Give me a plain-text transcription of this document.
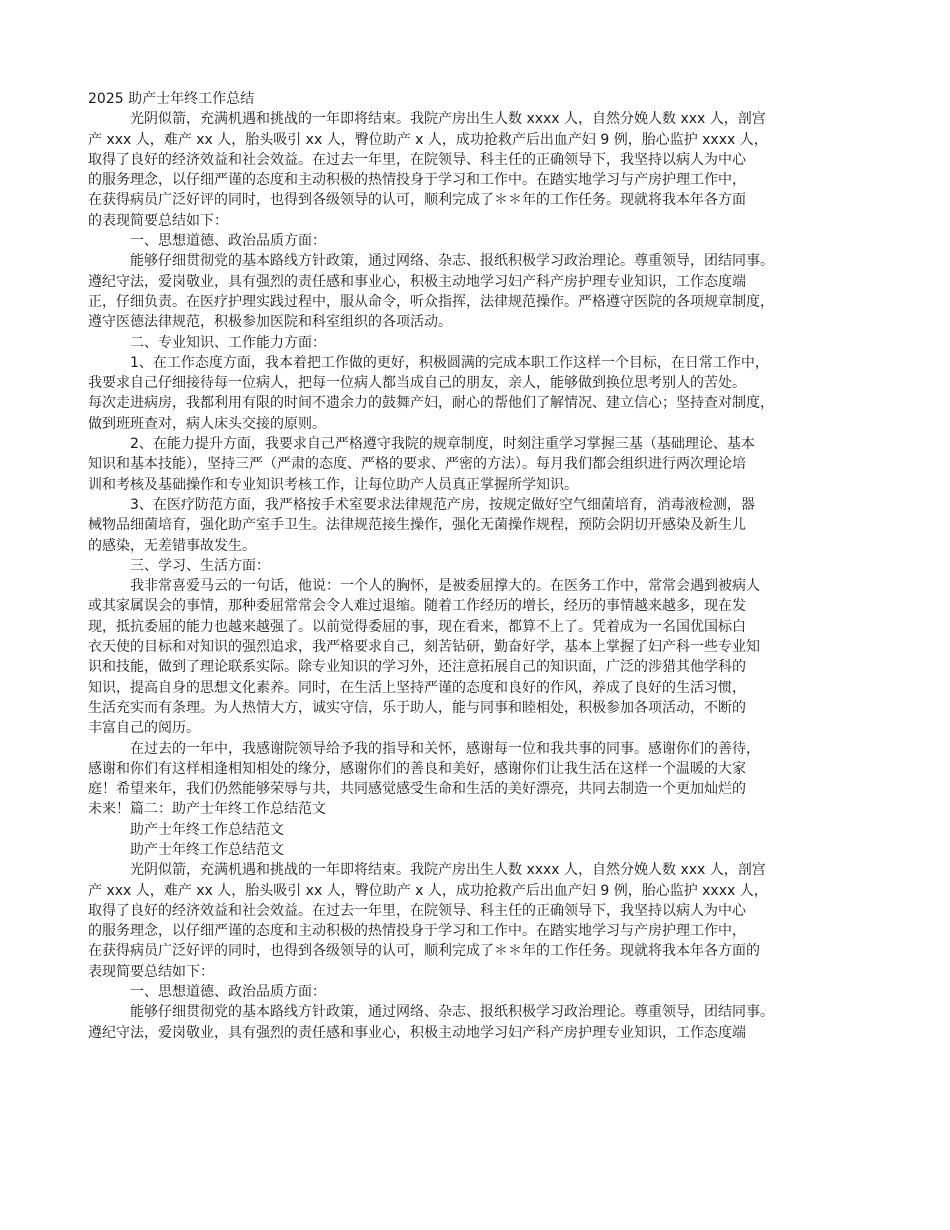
2025 助产士年终工作总结
光阴似箭，充满机遇和挑战的一年即将结束。我院产房出生人数 xxxx 人，自然分娩人数 xxx 人，剖宫
产 xxx 人，难产 xx 人，胎头吸引 xx 人，臀位助产 x 人，成功抢救产后出血产妇 9 例，胎心监护 xxxx 人，
取得了良好的经济效益和社会效益。在过去一年里，在院领导、科主任的正确领导下，我坚持以病人为中心
的服务理念，以仔细严谨的态度和主动积极的热情投身于学习和工作中。在踏实地学习与产房护理工作中，
在获得病员广泛好评的同时，也得到各级领导的认可，顺利完成了＊＊年的工作任务。现就将我本年各方面
的表现简要总结如下：
一、思想道德、政治品质方面：
能够仔细贯彻党的基本路线方针政策，通过网络、杂志、报纸积极学习政治理论。尊重领导，团结同事。
遵纪守法，爱岗敬业，具有强烈的责任感和事业心，积极主动地学习妇产科产房护理专业知识，工作态度端
正，仔细负责。在医疗护理实践过程中，服从命令，听众指挥，法律规范操作。严格遵守医院的各项规章制度，
遵守医德法律规范，积极参加医院和科室组织的各项活动。
二、专业知识、工作能力方面：
1、在工作态度方面，我本着把工作做的更好，积极圆满的完成本职工作这样一个目标，在日常工作中，
我要求自己仔细接待每一位病人，把每一位病人都当成自己的朋友，亲人，能够做到换位思考别人的苦处。
每次走进病房，我都利用有限的时间不遗余力的鼓舞产妇，耐心的帮他们了解情况、建立信心；坚持查对制度，
做到班班查对，病人床头交接的原则。
2、在能力提升方面，我要求自己严格遵守我院的规章制度，时刻注重学习掌握三基（基础理论、基本
知识和基本技能），坚持三严（严肃的态度、严格的要求、严密的方法）。每月我们都会组织进行两次理论培
训和考核及基础操作和专业知识考核工作，让每位助产人员真正掌握所学知识。
3、在医疗防范方面，我严格按手术室要求法律规范产房，按规定做好空气细菌培育，消毒液检测，器
械物品细菌培育，强化助产室手卫生。法律规范接生操作，强化无菌操作规程，预防会阴切开感染及新生儿
的感染，无差错事故发生。
三、学习、生活方面：
我非常喜爱马云的一句话，他说：一个人的胸怀，是被委屈撑大的。在医务工作中，常常会遇到被病人
或其家属误会的事情，那种委屈常常会令人难过退缩。随着工作经历的增长，经历的事情越来越多，现在发
现，抵抗委屈的能力也越来越强了。以前觉得委屈的事，现在看来，都算不上了。凭着成为一名国优国标白
衣天使的目标和对知识的强烈追求，我严格要求自己，刻苦钻研，勤奋好学，基本上掌握了妇产科一些专业知
识和技能，做到了理论联系实际。除专业知识的学习外，还注意拓展自己的知识面，广泛的涉猎其他学科的
知识，提高自身的思想文化素养。同时，在生活上坚持严谨的态度和良好的作风，养成了良好的生活习惯，
生活充实而有条理。为人热情大方，诚实守信，乐于助人，能与同事和睦相处，积极参加各项活动，不断的
丰富自己的阅历。
在过去的一年中，我感谢院领导给予我的指导和关怀，感谢每一位和我共事的同事。感谢你们的善待，
感谢和你们有这样相逢相知相处的缘分，感谢你们的善良和美好，感谢你们让我生活在这样一个温暖的大家
庭！希望来年，我们仍然能够荣辱与共，共同感觉感受生命和生活的美好漂亮，共同去制造一个更加灿烂的
未来！篇二：助产士年终工作总结范文
助产士年终工作总结范文
助产士年终工作总结范文
光阴似箭，充满机遇和挑战的一年即将结束。我院产房出生人数 xxxx 人，自然分娩人数 xxx 人，剖宫
产 xxx 人，难产 xx 人，胎头吸引 xx 人，臀位助产 x 人，成功抢救产后出血产妇 9 例，胎心监护 xxxx 人，
取得了良好的经济效益和社会效益。在过去一年里，在院领导、科主任的正确领导下，我坚持以病人为中心
的服务理念，以仔细严谨的态度和主动积极的热情投身于学习和工作中。在踏实地学习与产房护理工作中，
在获得病员广泛好评的同时，也得到各级领导的认可，顺利完成了＊＊年的工作任务。现就将我本年各方面的
表现简要总结如下：
一、思想道德、政治品质方面：
能够仔细贯彻党的基本路线方针政策，通过网络、杂志、报纸积极学习政治理论。尊重领导，团结同事。
遵纪守法，爱岗敬业，具有强烈的责任感和事业心，积极主动地学习妇产科产房护理专业知识，工作态度端
